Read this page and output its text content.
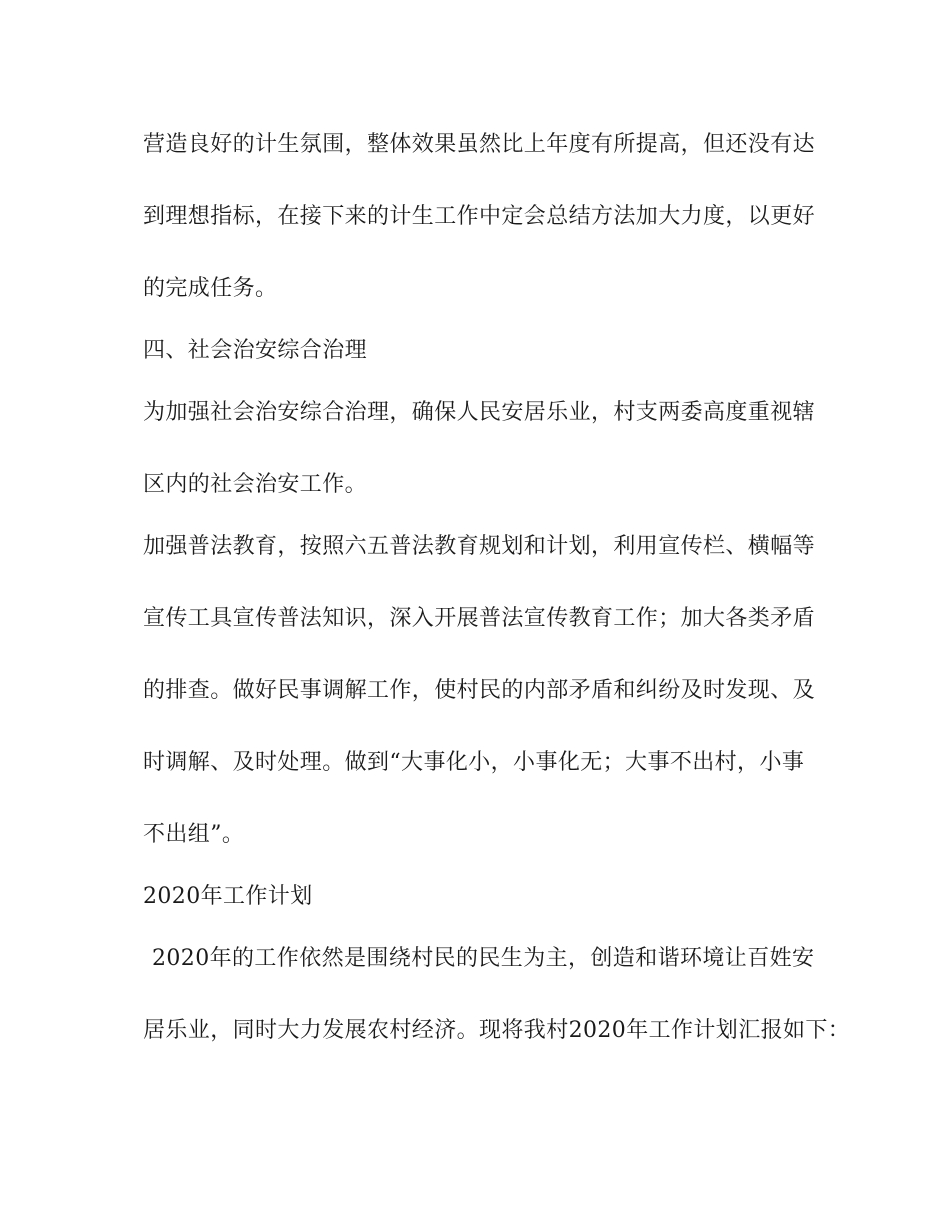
营造良好的计生氛围，整体效果虽然比上年度有所提高，但还没有达
到理想指标，在接下来的计生工作中定会总结方法加大力度，以更好
的完成任务。
四、社会治安综合治理
为加强社会治安综合治理，确保人民安居乐业，村支两委高度重视辖
区内的社会治安工作。
加强普法教育，按照六五普法教育规划和计划，利用宣传栏、横幅等
宣传工具宣传普法知识，深入开展普法宣传教育工作；加大各类矛盾
的排查。做好民事调解工作，使村民的内部矛盾和纠纷及时发现、及
时调解、及时处理。做到“大事化小，小事化无；大事不出村，小事
不出组”。
2020年工作计划
2020年的工作依然是围绕村民的民生为主，创造和谐环境让百姓安
居乐业，同时大力发展农村经济。现将我村2020年工作计划汇报如下：
